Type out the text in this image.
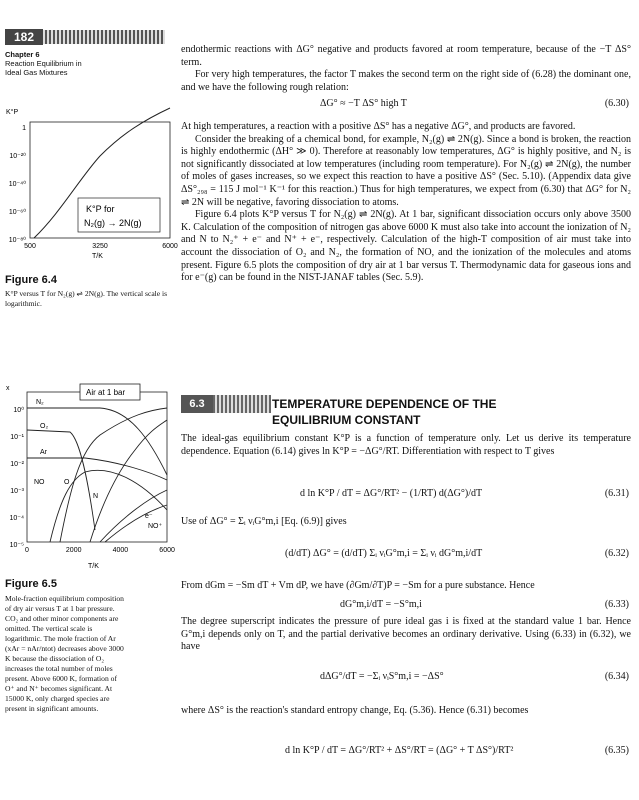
182
Chapter 6
Reaction Equilibrium in Ideal Gas Mixtures
K°P
1
10⁻²⁰
10⁻⁴⁰
10⁻⁶⁰
10⁻⁸⁰
500	3250	6000
K°P for
N₂(g) → 2N(g)
T/K
Figure 6.4
K°P versus T for N₂(g) ⇌ 2N(g). The vertical scale is logarithmic.
x	Air at 1 bar
10⁰
10⁻¹
10⁻²
10⁻³
10⁻⁴
10⁻⁵
0	2000	4000	6000
N₂
O₂
Ar
NO	O
N
e⁻
NO⁺
T/K
Figure 6.5
Mole-fraction equilibrium composition of dry air versus T at 1 bar pressure. CO₂ and other minor components are omitted. The vertical scale is logarithmic. The mole fraction of Ar (xAr = nAr/ntot) decreases above 3000 K because the dissociation of O₂ increases the total number of moles present. Above 6000 K, formation of O⁺ and N⁺ becomes significant. At 15000 K, only charged species are present in significant amounts.

endothermic reactions with ΔG° negative and products favored at room temperature, because of the −T ΔS° term.

For very high temperatures, the factor T makes the second term on the right side of (6.28) the dominant one, and we have the following rough relation:

ΔG° ≈ −T ΔS° high T	(6.30)

At high temperatures, a reaction with a positive ΔS° has a negative ΔG°, and products are favored.

Consider the breaking of a chemical bond, for example, N₂(g) ⇌ 2N(g). Since a bond is broken, the reaction is highly endothermic (ΔH° ≫ 0). Therefore at reasonably low temperatures, ΔG° is highly positive, and N₂ is not significantly dissociated at low temperatures (including room temperature). For N₂(g) ⇌ 2N(g), the number of moles of gases increases, so we expect this reaction to have a positive ΔS° (Sec. 5.10). (Appendix data give ΔS°₂₉₈ = 115 J mol⁻¹ K⁻¹ for this reaction.) Thus for high temperatures, we expect from (6.30) that ΔG° for N₂ ⇌ 2N will be negative, favoring dissociation to atoms.

Figure 6.4 plots K°P versus T for N₂(g) ⇌ 2N(g). At 1 bar, significant dissociation occurs only above 3500 K. Calculation of the composition of nitrogen gas above 6000 K must also take into account the ionization of N₂ and N to N₂⁺ + e⁻ and N⁺ + e⁻, respectively. Calculation of the high-T composition of air must take into account the dissociation of O₂ and N₂, the formation of NO, and the ionization of the molecules and atoms present. Figure 6.5 plots the composition of dry air at 1 bar versus T. Thermodynamic data for gaseous ions and for e⁻(g) can be found in the NIST-JANAF tables (Sec. 5.9).

6.3	TEMPERATURE DEPENDENCE OF THE
EQUILIBRIUM CONSTANT

The ideal-gas equilibrium constant K°P is a function of temperature only. Let us derive its temperature dependence. Equation (6.14) gives ln K°P = −ΔG°/RT. Differentiation with respect to T gives

d ln K°P / dT = ΔG°/RT² − (1/RT) d(ΔG°)/dT	(6.31)

Use of ΔG° = Σᵢ νᵢG°m,i [Eq. (6.9)] gives

(d/dT) ΔG° = (d/dT) Σᵢ νᵢG°m,i = Σᵢ νᵢ dG°m,i/dT	(6.32)

From dGm = −Sm dT + Vm dP, we have (∂Gm/∂T)P = −Sm for a pure substance. Hence

dG°m,i/dT = −S°m,i	(6.33)

The degree superscript indicates the pressure of pure ideal gas i is fixed at the standard value 1 bar. Hence G°m,i depends only on T, and the partial derivative becomes an ordinary derivative. Using (6.33) in (6.32), we have

dΔG°/dT = −Σᵢ νᵢS°m,i = −ΔS°	(6.34)

where ΔS° is the reaction's standard entropy change, Eq. (5.36). Hence (6.31) becomes

d ln K°P / dT = ΔG°/RT² + ΔS°/RT = (ΔG° + T ΔS°)/RT²	(6.35)
